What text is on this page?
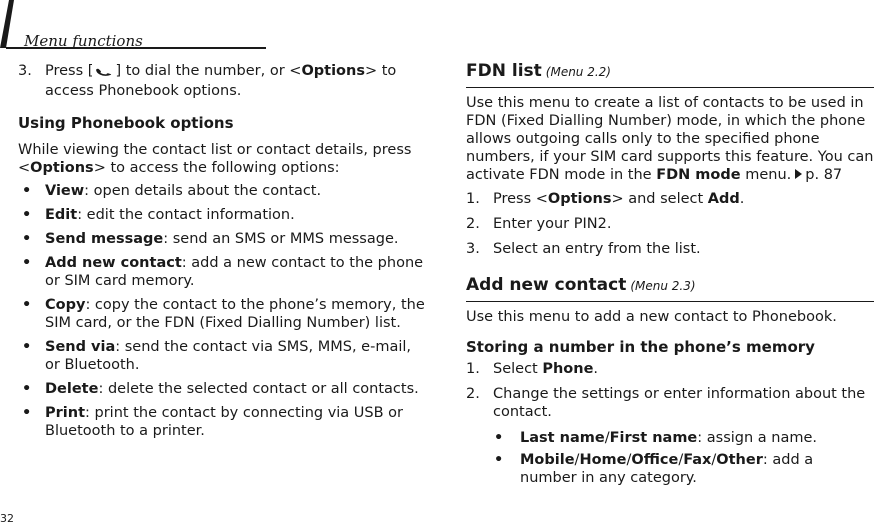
Menu functions
32
3. Press [ ] to dial the number, or <Options> to access Phonebook options.
Using Phonebook options
While viewing the contact list or contact details, press <Options> to access the following options:
• View: open details about the contact.
• Edit: edit the contact information.
• Send message: send an SMS or MMS message.
• Add new contact: add a new contact to the phone or SIM card memory.
• Copy: copy the contact to the phone’s memory, the SIM card, or the FDN (Fixed Dialling Number) list.
• Send via: send the contact via SMS, MMS, e-mail, or Bluetooth.
• Delete: delete the selected contact or all contacts.
• Print: print the contact by connecting via USB or Bluetooth to a printer.
FDN list (Menu 2.2)
Use this menu to create a list of contacts to be used in FDN (Fixed Dialling Number) mode, in which the phone allows outgoing calls only to the specified phone numbers, if your SIM card supports this feature. You can activate FDN mode in the FDN mode menu. p. 87
1. Press <Options> and select Add.
2. Enter your PIN2.
3. Select an entry from the list.
Add new contact (Menu 2.3)
Use this menu to add a new contact to Phonebook.
Storing a number in the phone’s memory
1. Select Phone.
2. Change the settings or enter information about the contact.
•	Last name/First name: assign a name.
•	Mobile/Home/Office/Fax/Other: add a number in any category.
